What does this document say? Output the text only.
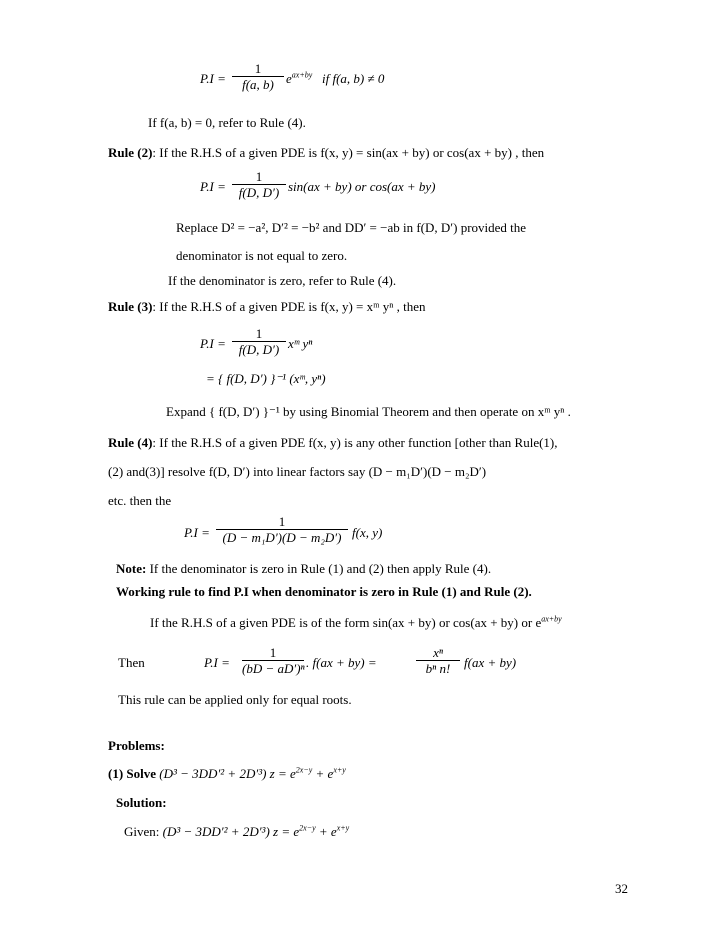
P.I =
1
f(a, b) $e^{ax+by}$ if f(a, b) ≠ 0
If f(a, b) = 0, refer to Rule (4).
Rule (2): If the R.H.S of a given PDE is f(x, y) = sin(ax + by) or cos(ax + by) , then
P.I =
1
f(D, D′) sin(ax + by) or cos(ax + by)
Replace D² = −a², D′² = −b² and DD′ = −ab in f(D, D′) provided the
denominator is not equal to zero.
If the denominator is zero, refer to Rule (4).
Rule (3): If the R.H.S of a given PDE is f(x, y) = xᵐ yⁿ , then
P.I =
1
f(D, D′) xᵐ yⁿ
= { f(D, D′) }⁻¹ (xᵐ, yⁿ)
Expand { f(D, D′) }⁻¹ by using Binomial Theorem and then operate on xᵐ yⁿ .
Rule (4): If the R.H.S of a given PDE f(x, y) is any other function [other than Rule(1),
(2) and(3)] resolve f(D, D′) into linear factors say (D − m₁D′)(D − m₂D′)
etc. then the
P.I =
1
(D − m₁D′)(D − m₂D′) f(x, y)
Note: If the denominator is zero in Rule (1) and (2) then apply Rule (4).
Working rule to find P.I when denominator is zero in Rule (1) and Rule (2).
If the R.H.S of a given PDE is of the form sin(ax + by) or cos(ax + by) or $e^{ax+by}$
Then	P.I =
1
(bD − aD′)ⁿ . f(ax + by) =
xⁿ
bⁿ n!	f(ax + by)
This rule can be applied only for equal roots.
Problems:
(1) Solve (D³ − 3DD′² + 2D′³) $z = e^{2x-y} + e^{x+y}$
Solution:
Given: (D³ − 3DD′² + 2D′³) $z = e^{2x-y} + e^{x+y}$
32
